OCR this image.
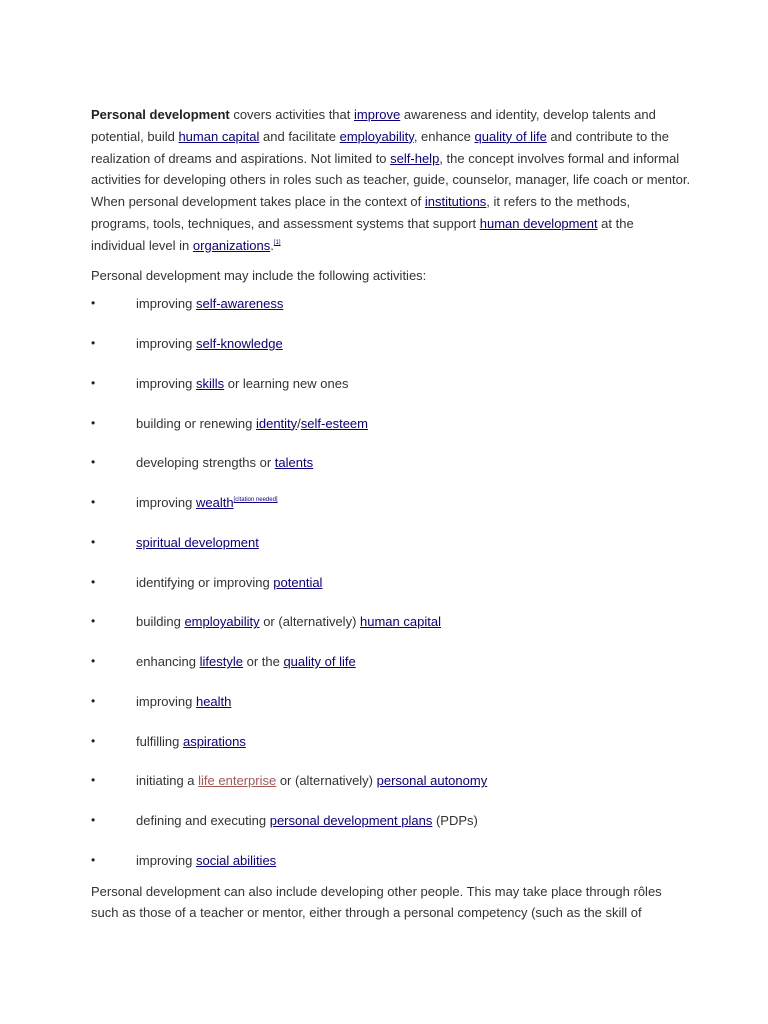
Personal development covers activities that improve awareness and identity, develop talents and potential, build human capital and facilitate employability, enhance quality of life and contribute to the realization of dreams and aspirations. Not limited to self-help, the concept involves formal and informal activities for developing others in roles such as teacher, guide, counselor, manager, life coach or mentor. When personal development takes place in the context of institutions, it refers to the methods, programs, tools, techniques, and assessment systems that support human development at the individual level in organizations.[1]

Personal development may include the following activities:

•	improving self-awareness
•	improving self-knowledge
•	improving skills or learning new ones
•	building or renewing identity/self-esteem
•	developing strengths or talents
•	improving wealth[citation needed]
•	spiritual development
•	identifying or improving potential
•	building employability or (alternatively) human capital
•	enhancing lifestyle or the quality of life
•	improving health
•	fulfilling aspirations
•	initiating a life enterprise or (alternatively) personal autonomy
•	defining and executing personal development plans (PDPs)
•	improving social abilities

Personal development can also include developing other people. This may take place through rôles such as those of a teacher or mentor, either through a personal competency (such as the skill of
